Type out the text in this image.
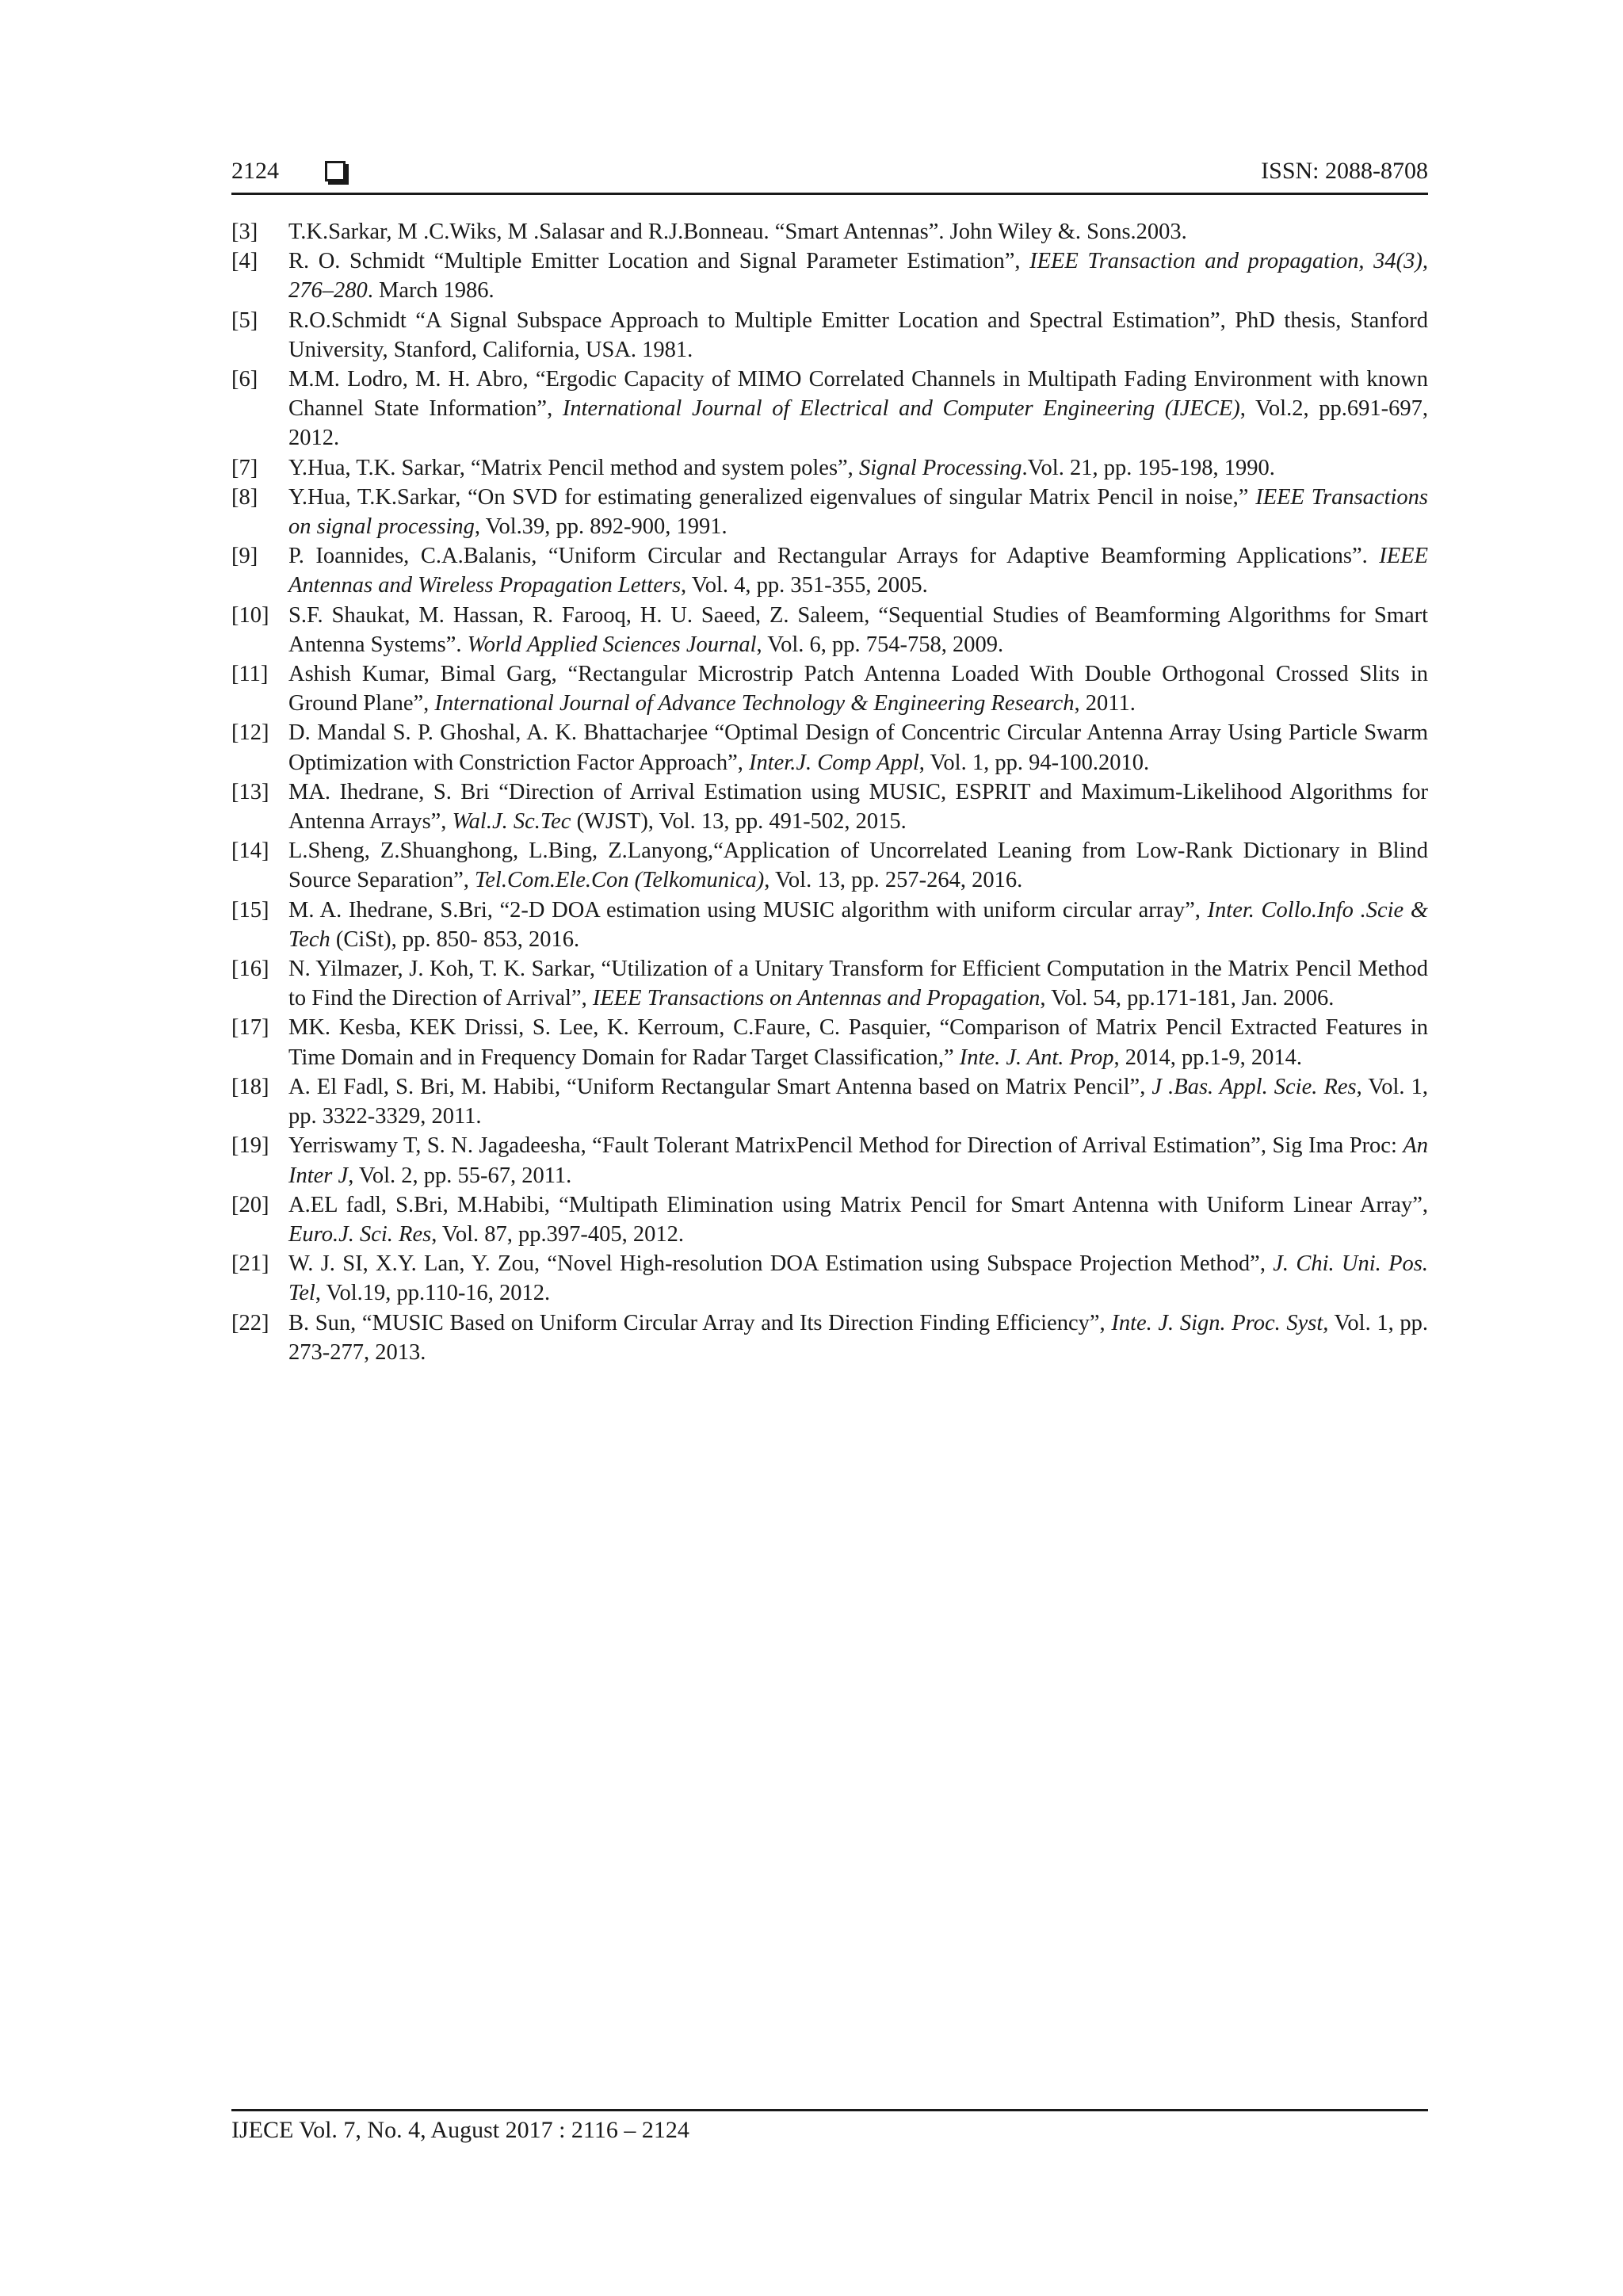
2124	ISSN: 2088-8708
[3] T.K.Sarkar, M .C.Wiks, M .Salasar and R.J.Bonneau. “Smart Antennas”. John Wiley &. Sons.2003.
[4] R. O. Schmidt “Multiple Emitter Location and Signal Parameter Estimation”, IEEE Transaction and propagation, 34(3), 276–280. March 1986.
[5] R.O.Schmidt “A Signal Subspace Approach to Multiple Emitter Location and Spectral Estimation”, PhD thesis, Stanford University, Stanford, California, USA. 1981.
[6] M.M. Lodro, M. H. Abro, “Ergodic Capacity of MIMO Correlated Channels in Multipath Fading Environment with known Channel State Information”, International Journal of Electrical and Computer Engineering (IJECE), Vol.2, pp.691-697, 2012.
[7] Y.Hua, T.K. Sarkar, “Matrix Pencil method and system poles”, Signal Processing.Vol. 21, pp. 195-198, 1990.
[8] Y.Hua, T.K.Sarkar, “On SVD for estimating generalized eigenvalues of singular Matrix Pencil in noise,” IEEE Transactions on signal processing, Vol.39, pp. 892-900, 1991.
[9] P. Ioannides, C.A.Balanis, “Uniform Circular and Rectangular Arrays for Adaptive Beamforming Applications”. IEEE Antennas and Wireless Propagation Letters, Vol. 4, pp. 351-355, 2005.
[10] S.F. Shaukat, M. Hassan, R. Farooq, H. U. Saeed, Z. Saleem, “Sequential Studies of Beamforming Algorithms for Smart Antenna Systems”. World Applied Sciences Journal, Vol. 6, pp. 754-758, 2009.
[11] Ashish Kumar, Bimal Garg, “Rectangular Microstrip Patch Antenna Loaded With Double Orthogonal Crossed Slits in Ground Plane”, International Journal of Advance Technology & Engineering Research, 2011.
[12] D. Mandal S. P. Ghoshal, A. K. Bhattacharjee “Optimal Design of Concentric Circular Antenna Array Using Particle Swarm Optimization with Constriction Factor Approach”, Inter.J. Comp Appl, Vol. 1, pp. 94-100.2010.
[13] MA. Ihedrane, S. Bri “Direction of Arrival Estimation using MUSIC, ESPRIT and Maximum-Likelihood Algorithms for Antenna Arrays”, Wal.J. Sc.Tec (WJST), Vol. 13, pp. 491-502, 2015.
[14] L.Sheng, Z.Shuanghong, L.Bing, Z.Lanyong,“Application of Uncorrelated Leaning from Low-Rank Dictionary in Blind Source Separation”, Tel.Com.Ele.Con (Telkomunica), Vol. 13, pp. 257-264, 2016.
[15] M. A. Ihedrane, S.Bri, “2-D DOA estimation using MUSIC algorithm with uniform circular array”, Inter. Collo.Info .Scie & Tech (CiSt), pp. 850- 853, 2016.
[16] N. Yilmazer, J. Koh, T. K. Sarkar, “Utilization of a Unitary Transform for Efficient Computation in the Matrix Pencil Method to Find the Direction of Arrival”, IEEE Transactions on Antennas and Propagation, Vol. 54, pp.171-181, Jan. 2006.
[17] MK. Kesba, KEK Drissi, S. Lee, K. Kerroum, C.Faure, C. Pasquier, “Comparison of Matrix Pencil Extracted Features in Time Domain and in Frequency Domain for Radar Target Classification,” Inte. J. Ant. Prop, 2014, pp.1-9, 2014.
[18] A. El Fadl, S. Bri, M. Habibi, “Uniform Rectangular Smart Antenna based on Matrix Pencil”, J .Bas. Appl. Scie. Res, Vol. 1, pp. 3322-3329, 2011.
[19] Yerriswamy T, S. N. Jagadeesha, “Fault Tolerant MatrixPencil Method for Direction of Arrival Estimation”, Sig Ima Proc: An Inter J, Vol. 2, pp. 55-67, 2011.
[20] A.EL fadl, S.Bri, M.Habibi, “Multipath Elimination using Matrix Pencil for Smart Antenna with Uniform Linear Array”, Euro.J. Sci. Res, Vol. 87, pp.397-405, 2012.
[21] W. J. SI, X.Y. Lan, Y. Zou, “Novel High-resolution DOA Estimation using Subspace Projection Method”, J. Chi. Uni. Pos. Tel, Vol.19, pp.110-16, 2012.
[22] B. Sun, “MUSIC Based on Uniform Circular Array and Its Direction Finding Efficiency”, Inte. J. Sign. Proc. Syst, Vol. 1, pp. 273-277, 2013.
IJECE Vol. 7, No. 4, August 2017 : 2116 – 2124
